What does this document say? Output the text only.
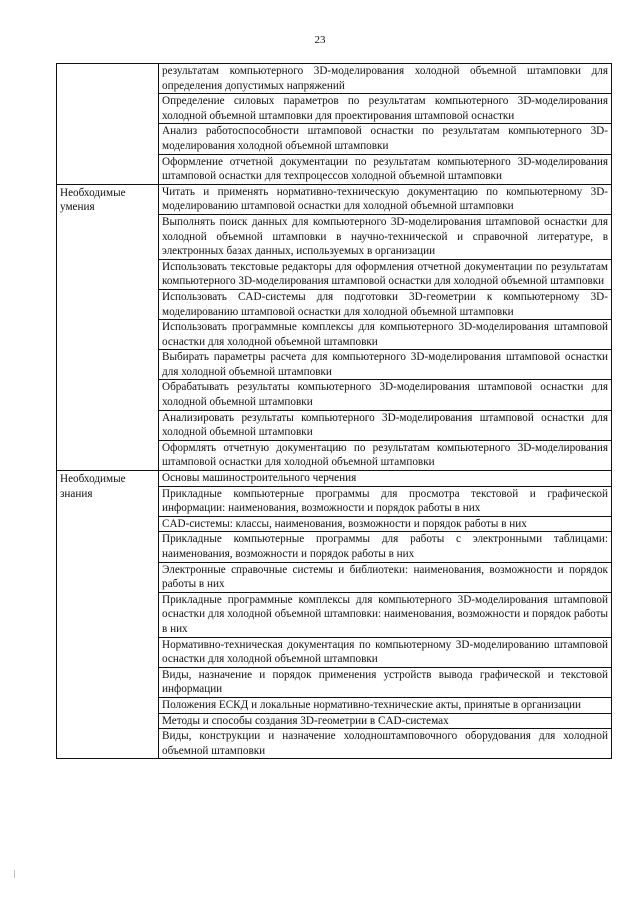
23
	результатам компьютерного 3D-моделирования холодной объемной штамповки для определения допустимых напряжений
	Определение силовых параметров по результатам компьютерного 3D-моделирования холодной объемной штамповки для проектирования штамповой оснастки
	Анализ работоспособности штамповой оснастки по результатам компьютерного 3D-моделирования холодной объемной штамповки
	Оформление отчетной документации по результатам компьютерного 3D-моделирования штамповой оснастки для техпроцессов холодной объемной штамповки
Необходимые умения	Читать и применять нормативно-техническую документацию по компьютерному 3D-моделированию штамповой оснастки для холодной объемной штамповки
	Выполнять поиск данных для компьютерного 3D-моделирования штамповой оснастки для холодной объемной штамповки в научно-технической и справочной литературе, в электронных базах данных, используемых в организации
	Использовать текстовые редакторы для оформления отчетной документации по результатам компьютерного 3D-моделирования штамповой оснастки для холодной объемной штамповки
	Использовать CAD-системы для подготовки 3D-геометрии к компьютерному 3D-моделированию штамповой оснастки для холодной объемной штамповки
	Использовать программные комплексы для компьютерного 3D-моделирования штамповой оснастки для холодной объемной штамповки
	Выбирать параметры расчета для компьютерного 3D-моделирования штамповой оснастки для холодной объемной штамповки
	Обрабатывать результаты компьютерного 3D-моделирования штамповой оснастки для холодной объемной штамповки
	Анализировать результаты компьютерного 3D-моделирования штамповой оснастки для холодной объемной штамповки
	Оформлять отчетную документацию по результатам компьютерного 3D-моделирования штамповой оснастки для холодной объемной штамповки
Необходимые знания	Основы машиностроительного черчения
	Прикладные компьютерные программы для просмотра текстовой и графической информации: наименования, возможности и порядок работы в них
	CAD-системы: классы, наименования, возможности и порядок работы в них
	Прикладные компьютерные программы для работы с электронными таблицами: наименования, возможности и порядок работы в них
	Электронные справочные системы и библиотеки: наименования, возможности и порядок работы в них
	Прикладные программные комплексы для компьютерного 3D-моделирования штамповой оснастки для холодной объемной штамповки: наименования, возможности и порядок работы в них
	Нормативно-техническая документация по компьютерному 3D-моделированию штамповой оснастки для холодной объемной штамповки
	Виды, назначение и порядок применения устройств вывода графической и текстовой информации
	Положения ЕСКД и локальные нормативно-технические акты, принятые в организации
	Методы и способы создания 3D-геометрии в CAD-системах
	Виды, конструкции и назначение холодноштамповочного оборудования для холодной объемной штамповки
